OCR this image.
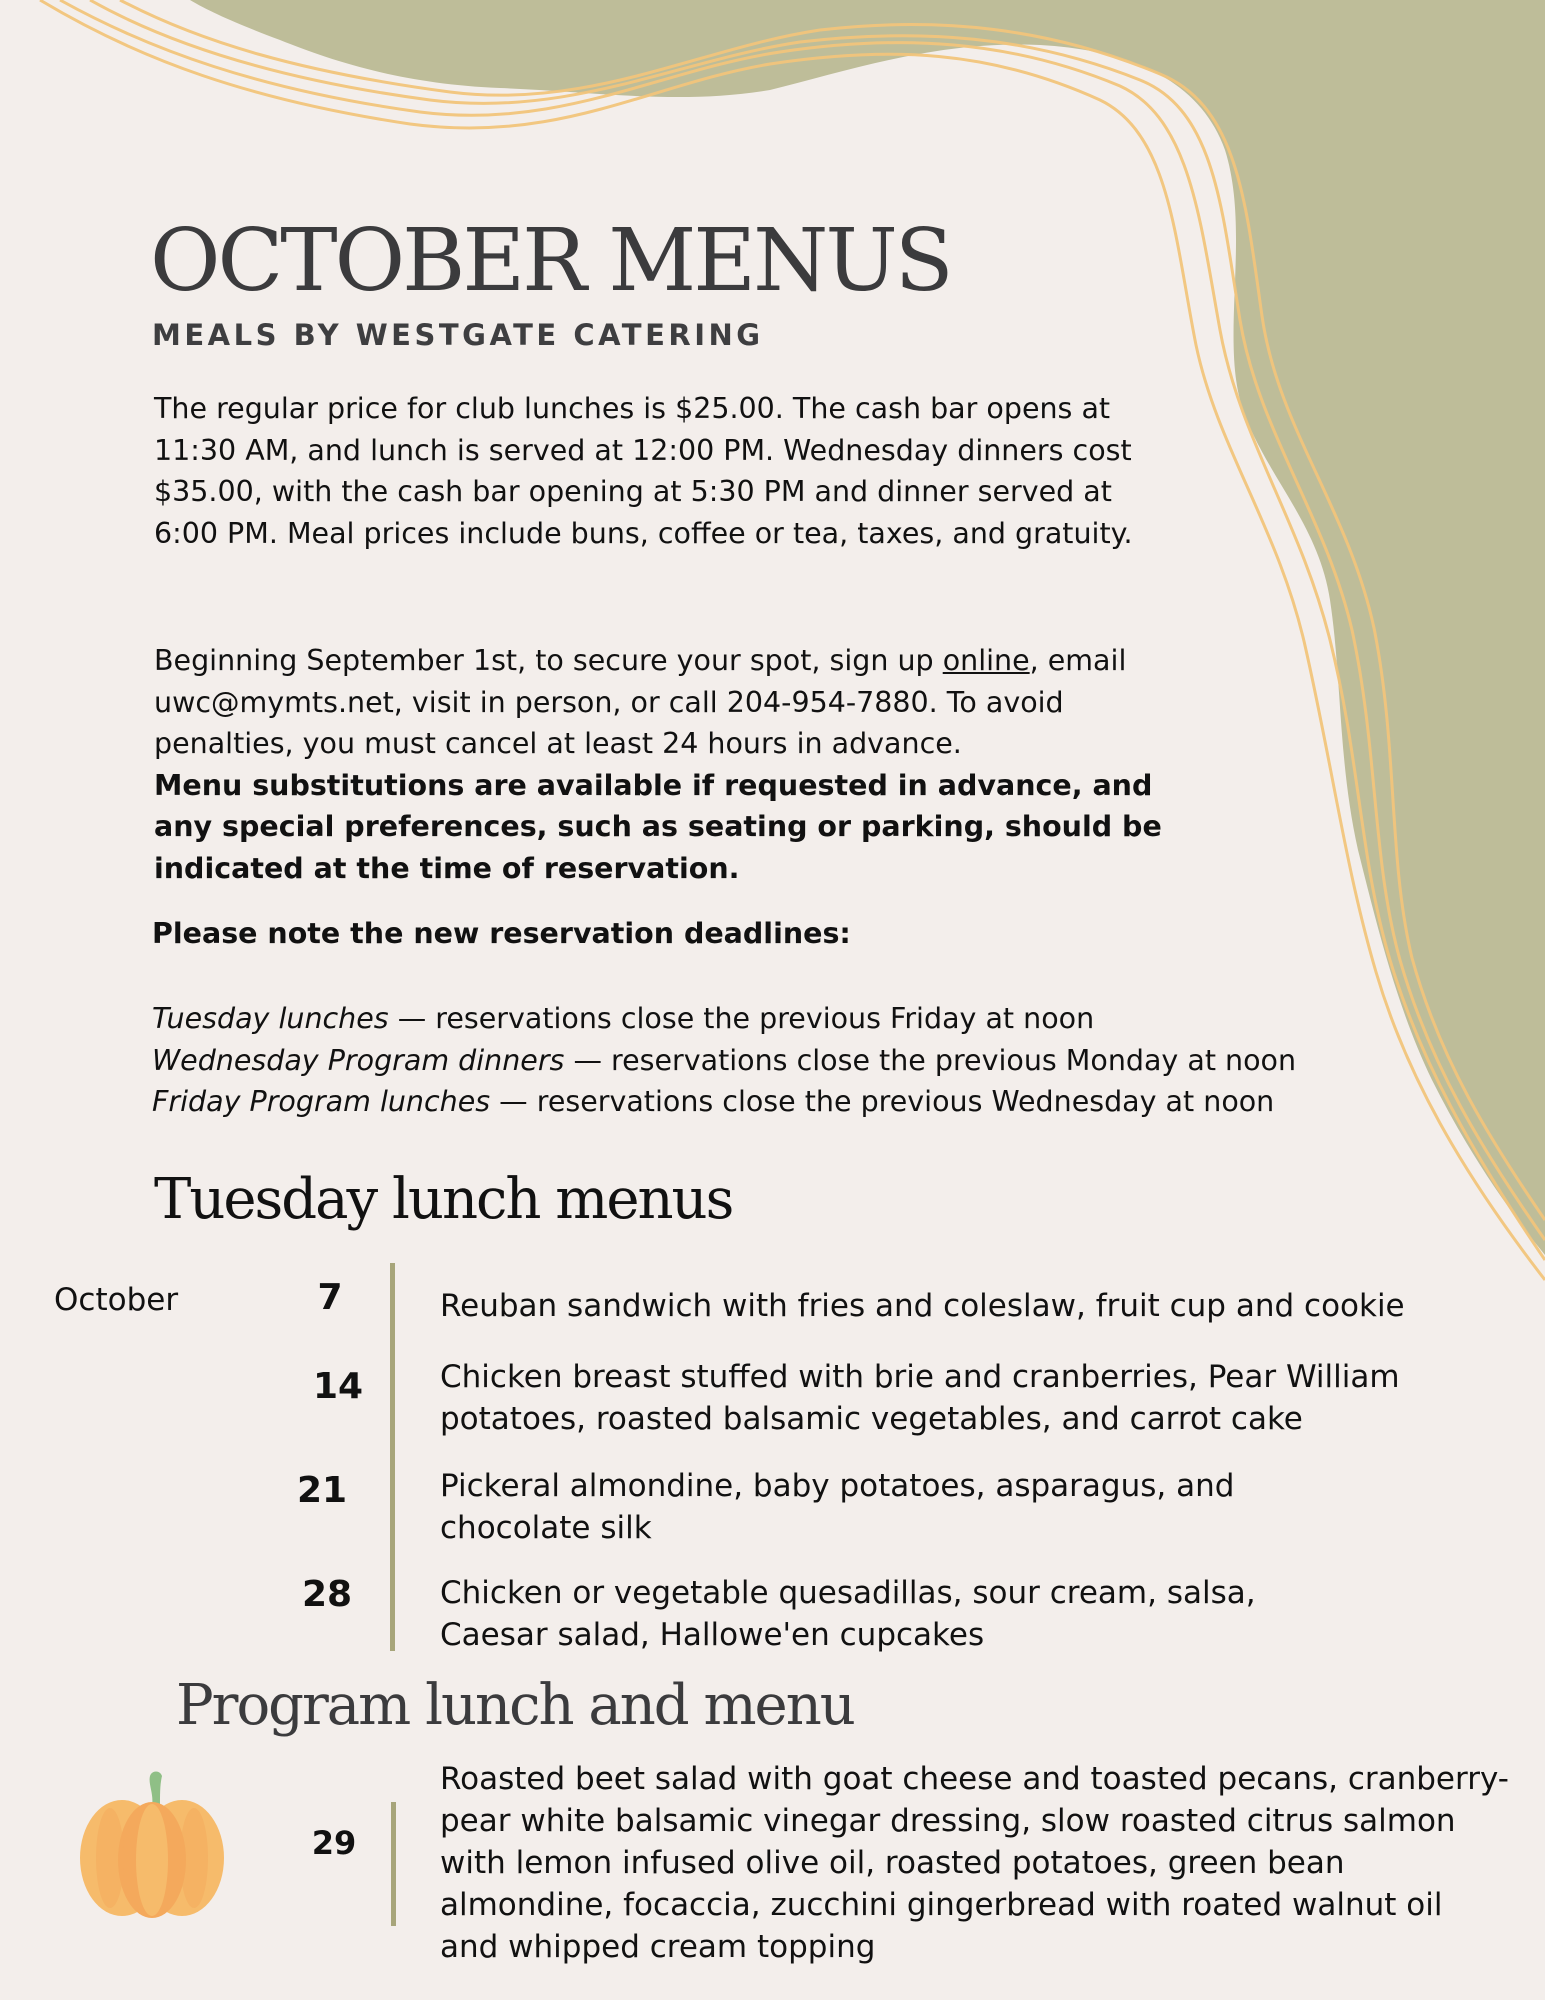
OCTOBER MENUS
MEALS BY WESTGATE CATERING

The regular price for club lunches is $25.00. The cash bar opens at 11:30 AM, and lunch is served at 12:00 PM. Wednesday dinners cost $35.00, with the cash bar opening at 5:30 PM and dinner served at 6:00 PM. Meal prices include buns, coffee or tea, taxes, and gratuity.

Beginning September 1st, to secure your spot, sign up online, email uwc@mymts.net, visit in person, or call 204-954-7880. To avoid penalties, you must cancel at least 24 hours in advance.
Menu substitutions are available if requested in advance, and any special preferences, such as seating or parking, should be indicated at the time of reservation.

Please note the new reservation deadlines:
Tuesday lunches — reservations close the previous Friday at noon
Wednesday Program dinners — reservations close the previous Monday at noon
Friday Program lunches — reservations close the previous Wednesday at noon
Tuesday lunch menus
October	7	Reuban sandwich with fries and coleslaw, fruit cup and cookie
14	Chicken breast stuffed with brie and cranberries, Pear William potatoes, roasted balsamic vegetables, and carrot cake
21	Pickeral almondine, baby potatoes, asparagus, and chocolate silk
28	Chicken or vegetable quesadillas, sour cream, salsa, Caesar salad, Hallowe'en cupcakes
Program lunch and menu
29
Roasted beet salad with goat cheese and toasted pecans, cranberry-pear white balsamic vinegar dressing, slow roasted citrus salmon with lemon infused olive oil, roasted potatoes, green bean almondine, focaccia, zucchini gingerbread with roated walnut oil and whipped cream topping
